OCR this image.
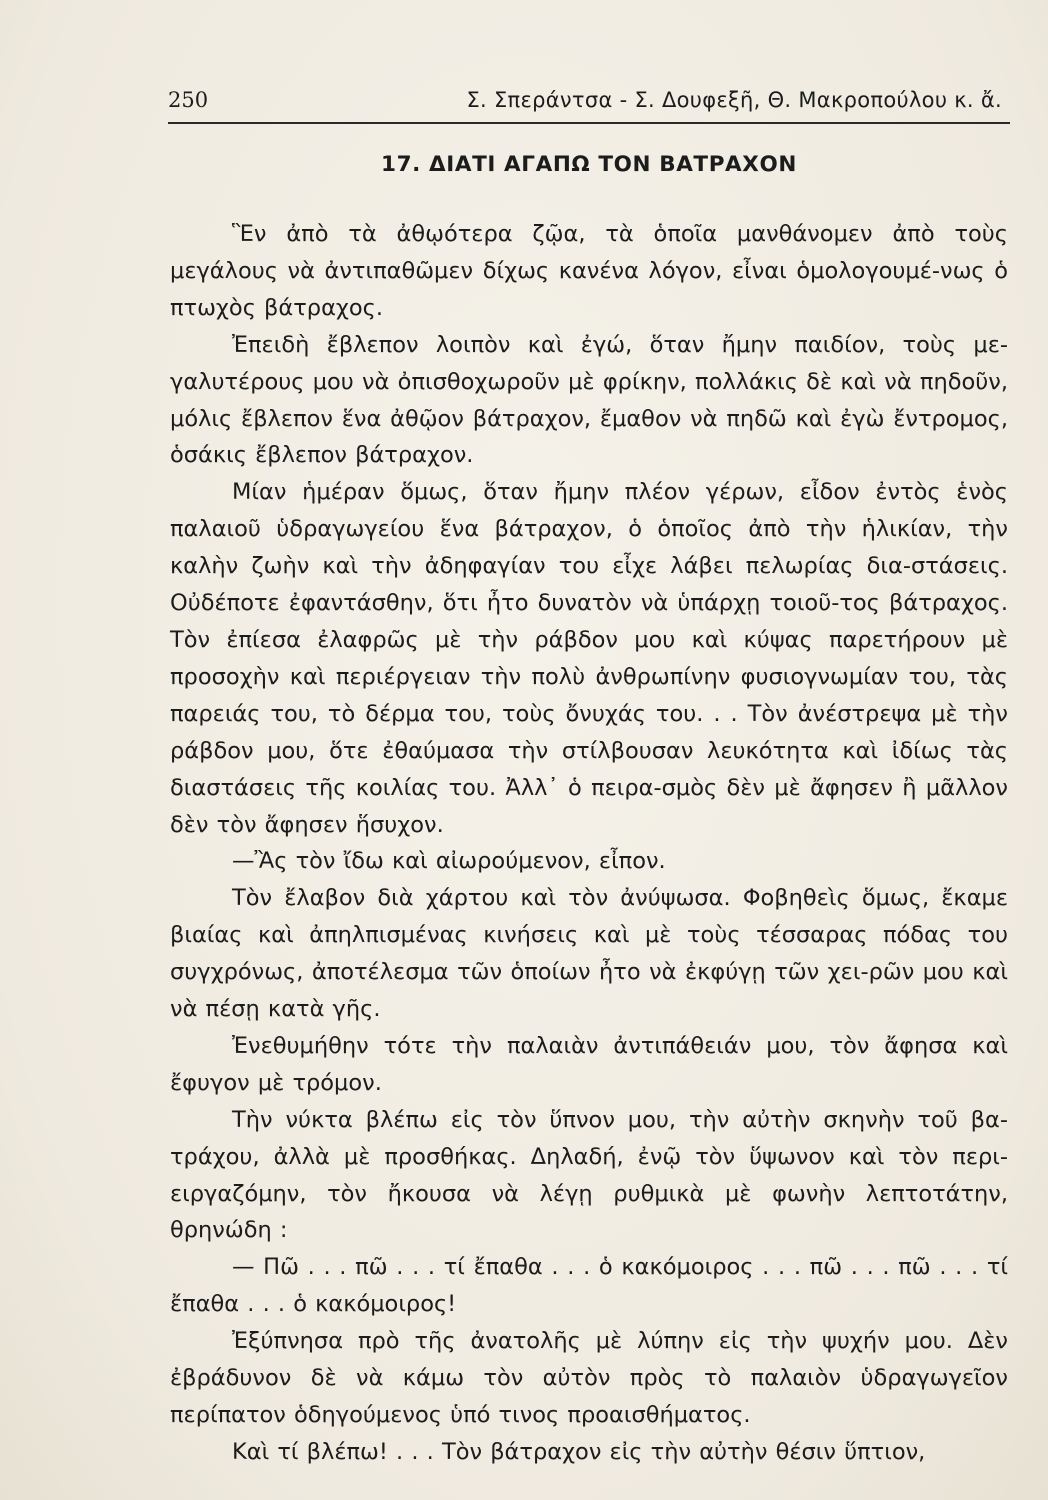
250	Σ. Σπεράντσα - Σ. Δουφεξῆ, Θ. Μακροπούλου κ. ἄ.
17. ΔΙΑΤΙ ΑΓΑΠΩ ΤΟΝ ΒΑΤΡΑΧΟΝ

Ἓν ἀπὸ τὰ ἀθῳότερα ζῷα, τὰ ὁποῖα μανθάνομεν ἀπὸ τοὺς μεγάλους νὰ ἀντιπαθῶμεν δίχως κανένα λόγον, εἶναι ὁμολογουμέ-νως ὁ πτωχὸς βάτραχος.

Ἐπειδὴ ἔβλεπον λοιπὸν καὶ ἐγώ, ὅταν ἤμην παιδίον, τοὺς με-γαλυτέρους μου νὰ ὀπισθοχωροῦν μὲ φρίκην, πολλάκις δὲ καὶ νὰ πηδοῦν, μόλις ἔβλεπον ἕνα ἀθῷον βάτραχον, ἔμαθον νὰ πηδῶ καὶ ἐγὼ ἔντρομος, ὁσάκις ἔβλεπον βάτραχον.

Μίαν ἡμέραν ὅμως, ὅταν ἤμην πλέον γέρων, εἶδον ἐντὸς ἑνὸς παλαιοῦ ὑδραγωγείου ἕνα βάτραχον, ὁ ὁποῖος ἀπὸ τὴν ἡλικίαν, τὴν καλὴν ζωὴν καὶ τὴν ἀδηφαγίαν του εἶχε λάβει πελωρίας δια-στάσεις. Οὐδέποτε ἐφαντάσθην, ὅτι ἦτο δυνατὸν νὰ ὑπάρχῃ τοιοῦ-τος βάτραχος. Τὸν ἐπίεσα ἐλαφρῶς μὲ τὴν ράβδον μου καὶ κύψας παρετήρουν μὲ προσοχὴν καὶ περιέργειαν τὴν πολὺ ἀνθρωπίνην φυσιογνωμίαν του, τὰς παρειάς του, τὸ δέρμα του, τοὺς ὄνυχάς του. . . Τὸν ἀνέστρεψα μὲ τὴν ράβδον μου, ὅτε ἐθαύμασα τὴν στίλβουσαν λευκότητα καὶ ἰδίως τὰς διαστάσεις τῆς κοιλίας του. Ἀλλ᾽ ὁ πειρα-σμὸς δὲν μὲ ἄφησεν ἢ μᾶλλον δὲν τὸν ἄφησεν ἥσυχον.

—Ἂς τὸν ἴδω καὶ αἰωρούμενον, εἶπον.

Τὸν ἔλαβον διὰ χάρτου καὶ τὸν ἀνύψωσα. Φοβηθεὶς ὅμως, ἔκαμε βιαίας καὶ ἀπηλπισμένας κινήσεις καὶ μὲ τοὺς τέσσαρας πόδας του συγχρόνως, ἀποτέλεσμα τῶν ὁποίων ἦτο νὰ ἐκφύγῃ τῶν χει-ρῶν μου καὶ νὰ πέσῃ κατὰ γῆς.

Ἐνεθυμήθην τότε τὴν παλαιὰν ἀντιπάθειάν μου, τὸν ἄφησα καὶ ἔφυγον μὲ τρόμον.

Τὴν νύκτα βλέπω εἰς τὸν ὕπνον μου, τὴν αὐτὴν σκηνὴν τοῦ βα-τράχου, ἀλλὰ μὲ προσθήκας. Δηλαδή, ἐνῷ τὸν ὕψωνον καὶ τὸν περι-ειργαζόμην, τὸν ἤκουσα νὰ λέγῃ ρυθμικὰ μὲ φωνὴν λεπτοτάτην, θρηνώδη :

— Πῶ . . . πῶ . . . τί ἔπαθα . . . ὁ κακόμοιρος . . . πῶ . . . πῶ . . . τί ἔπαθα . . . ὁ κακόμοιρος!

Ἐξύπνησα πρὸ τῆς ἀνατολῆς μὲ λύπην εἰς τὴν ψυχήν μου. Δὲν ἐβράδυνον δὲ νὰ κάμω τὸν αὐτὸν πρὸς τὸ παλαιὸν ὑδραγωγεῖον περίπατον ὁδηγούμενος ὑπό τινος προαισθήματος.

Καὶ τί βλέπω! . . . Τὸν βάτραχον εἰς τὴν αὐτὴν θέσιν ὕπτιον,
